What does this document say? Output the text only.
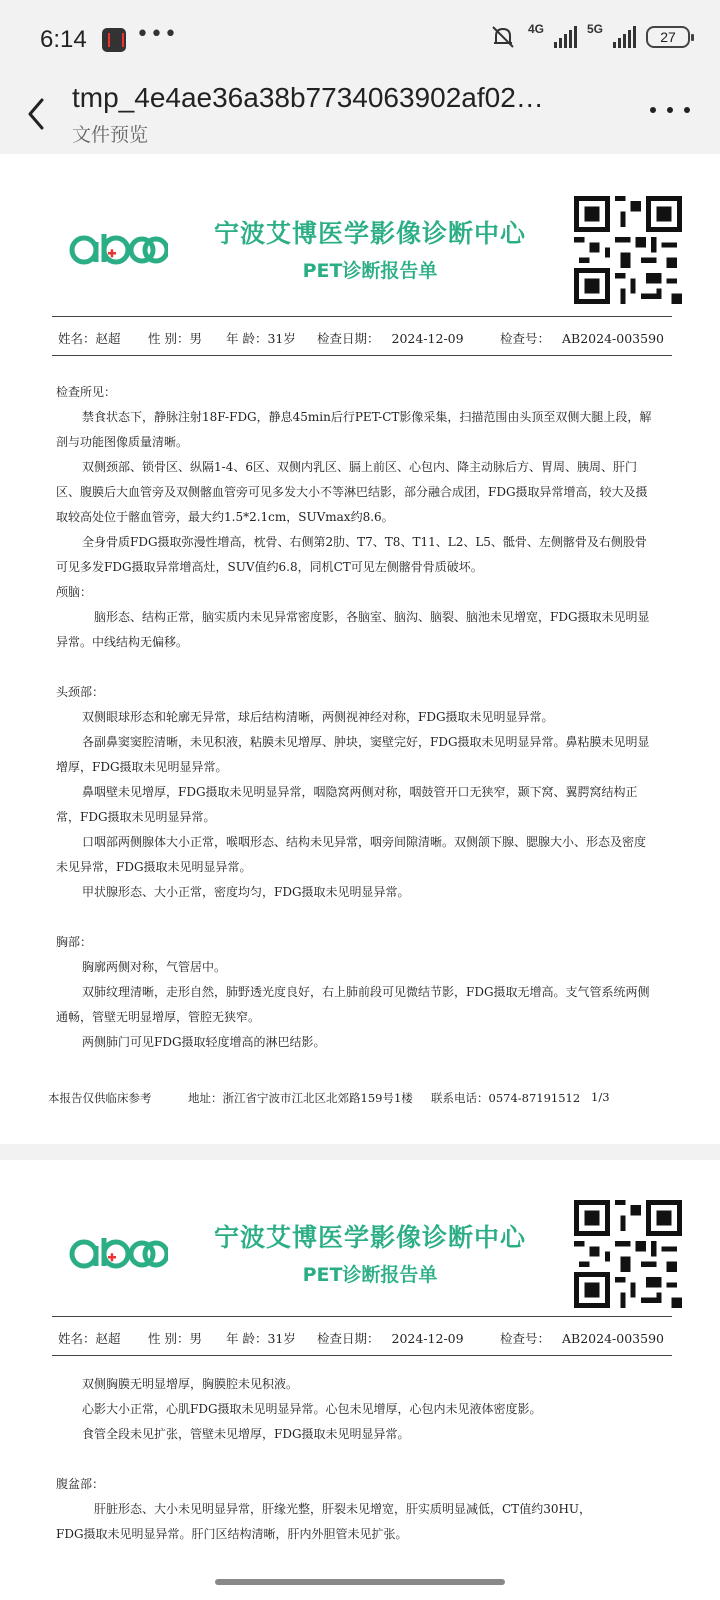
6:14 •••	4G	5G	27
tmp_4e4ae36a38b7734063902af02…
文件预览
宁波艾博医学影像诊断中心
PET诊断报告单
姓名：赵超 性 别：男 年 龄：31岁 检查日期： 2024-12-09	检查号： AB2024-003590

检查所见：

禁食状态下，静脉注射18F-FDG，静息45min后行PET-CT影像采集，扫描范围由头顶至双侧大腿上段，解剖与功能图像质量清晰。

双侧颈部、锁骨区、纵隔1-4、6区、双侧内乳区、膈上前区、心包内、降主动脉后方、胃周、胰周、肝门区、腹膜后大血管旁及双侧髂血管旁可见多发大小不等淋巴结影，部分融合成团，FDG摄取异常增高，较大及摄取较高处位于髂血管旁，最大约1.5*2.1cm，SUVmax约8.6。

全身骨质FDG摄取弥漫性增高，枕骨、右侧第2肋、T7、T8、T11、L2、L5、骶骨、左侧髂骨及右侧股骨可见多发FDG摄取异常增高灶，SUV值约6.8，同机CT可见左侧髂骨骨质破坏。

颅脑：

脑形态、结构正常，脑实质内未见异常密度影，各脑室、脑沟、脑裂、脑池未见增宽，FDG摄取未见明显异常。中线结构无偏移。

头颈部：

双侧眼球形态和轮廓无异常，球后结构清晰，两侧视神经对称，FDG摄取未见明显异常。

各副鼻窦窦腔清晰，未见积液，粘膜未见增厚、肿块，窦壁完好，FDG摄取未见明显异常。鼻粘膜未见明显增厚，FDG摄取未见明显异常。

鼻咽壁未见增厚，FDG摄取未见明显异常，咽隐窝两侧对称，咽鼓管开口无狭窄，颞下窝、翼腭窝结构正常，FDG摄取未见明显异常。

口咽部两侧腺体大小正常，喉咽形态、结构未见异常，咽旁间隙清晰。双侧颌下腺、腮腺大小、形态及密度未见异常，FDG摄取未见明显异常。

甲状腺形态、大小正常，密度均匀，FDG摄取未见明显异常。

胸部：

胸廓两侧对称，气管居中。

双肺纹理清晰，走形自然，肺野透光度良好，右上肺前段可见微结节影，FDG摄取无增高。支气管系统两侧通畅，管壁无明显增厚，管腔无狭窄。

两侧肺门可见FDG摄取轻度增高的淋巴结影。

本报告仅供临床参考	地址：浙江省宁波市江北区北郊路159号1楼 联系电话：0574-87191512 1/3
宁波艾博医学影像诊断中心
PET诊断报告单
姓名：赵超 性 别：男 年 龄：31岁 检查日期： 2024-12-09	检查号： AB2024-003590

双侧胸膜无明显增厚，胸膜腔未见积液。

心影大小正常，心肌FDG摄取未见明显异常。心包未见增厚，心包内未见液体密度影。

食管全段未见扩张，管壁未见增厚，FDG摄取未见明显异常。

腹盆部：

肝脏形态、大小未见明显异常，肝缘光整，肝裂未见增宽，肝实质明显减低，CT值约30HU，

FDG摄取未见明显异常。肝门区结构清晰，肝内外胆管未见扩张。
